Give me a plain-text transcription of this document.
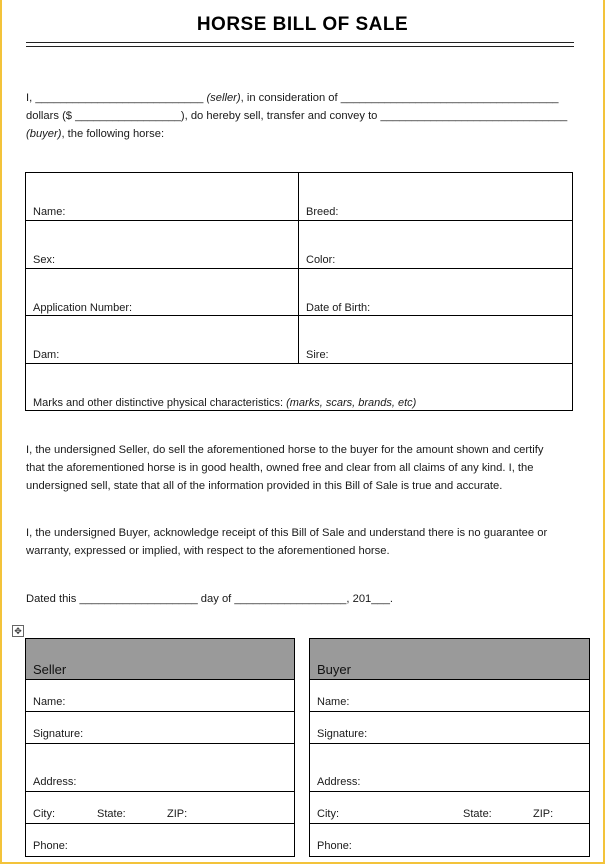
HORSE BILL OF SALE
I, ___________________________ (seller), in consideration of ___________________________________
dollars ($ _________________), do hereby sell, transfer and convey to ______________________________
(buyer), the following horse:
Name:	Breed:
Sex:	Color:
Application Number:	Date of Birth:
Dam:	Sire:
Marks and other distinctive physical characteristics: (marks, scars, brands, etc)
I, the undersigned Seller, do sell the aforementioned horse to the buyer for the amount shown and certify that the aforementioned horse is in good health, owned free and clear from all claims of any kind. I, the undersigned sell, state that all of the information provided in this Bill of Sale is true and accurate.
I, the undersigned Buyer, acknowledge receipt of this Bill of Sale and understand there is no guarantee or warranty, expressed or implied, with respect to the aforementioned horse.
Dated this ___________________ day of __________________, 201___.
✥
Seller
Name:
Signature:
Address:
City:	State:	ZIP:
Phone:
Buyer
Name:
Signature:
Address:
City:	State:	ZIP:
Phone:
